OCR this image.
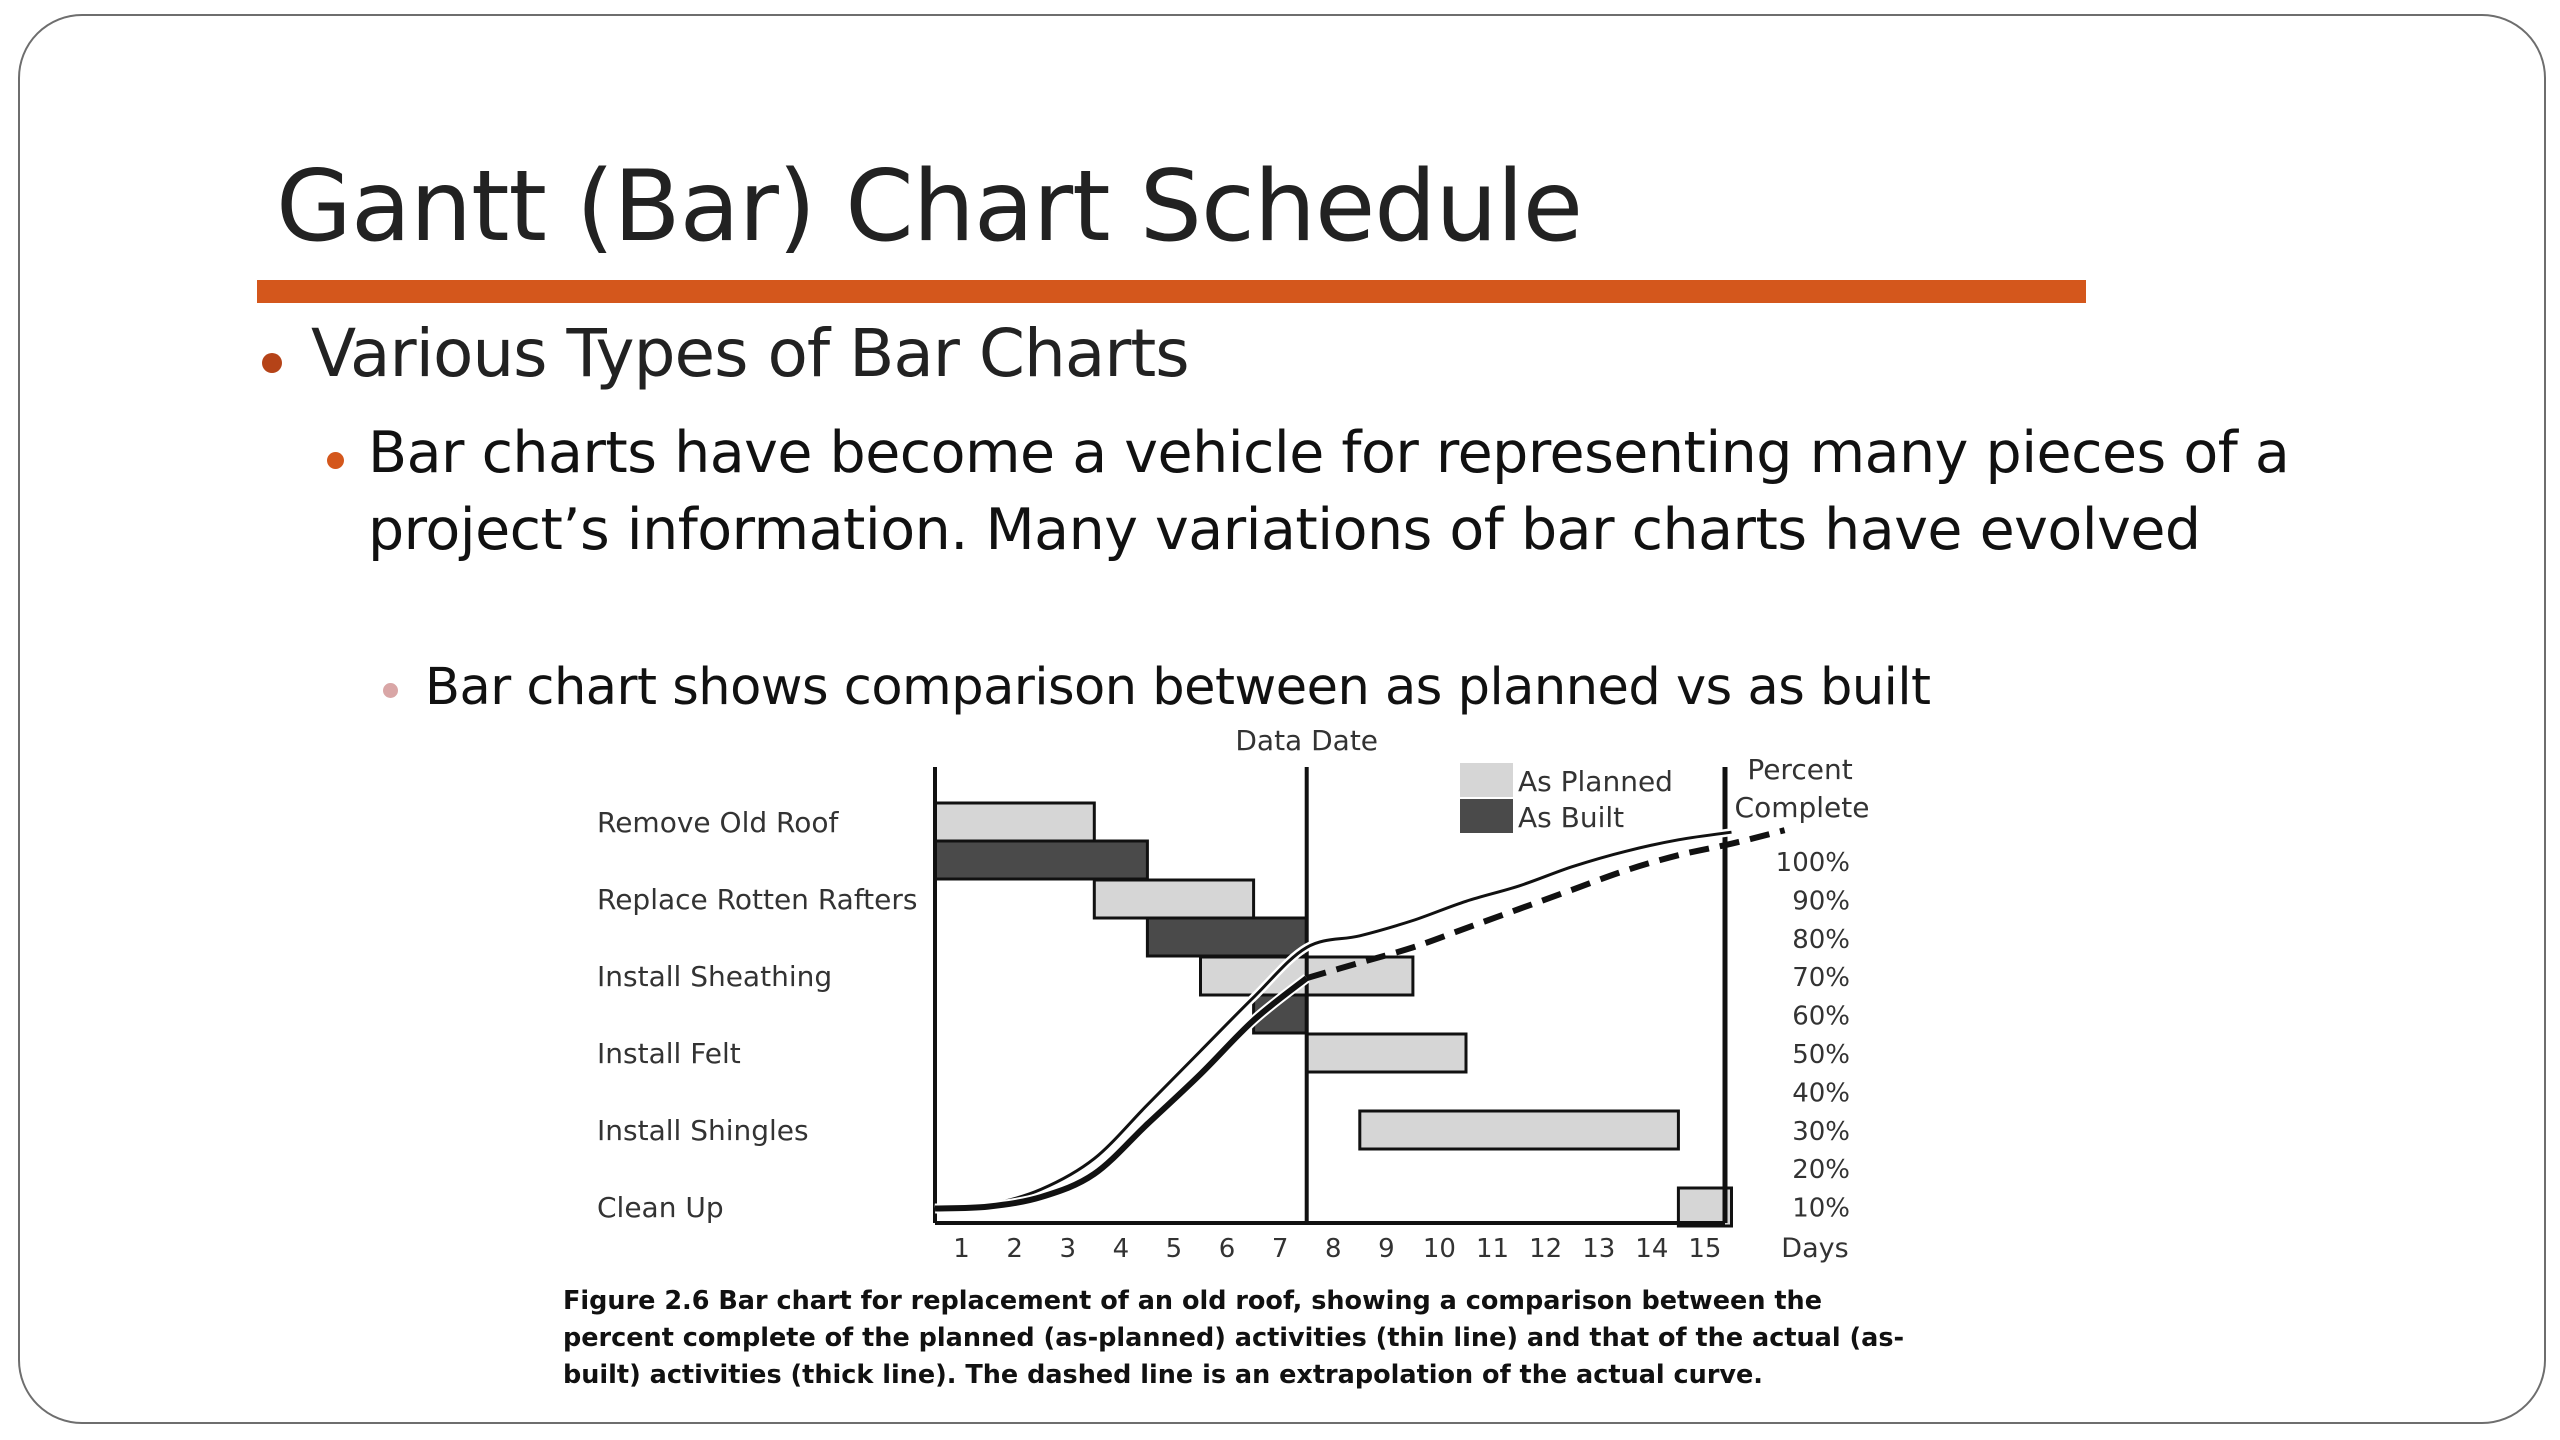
Gantt (Bar) Chart Schedule
Various Types of Bar Charts
Bar charts have become a vehicle for representing many pieces of a project’s information. Many variations of bar charts have evolved
Bar chart shows comparison between as planned vs as built
Remove Old Roof
Replace Rotten Rafters
Install Sheathing
Install Felt
Install Shingles
Clean Up
Data Date
1 2 3 4 5 6 7 8 9 10 11 12 13 14 15 Days
Percent
Complete
100%
90%
80%
70%
60%
50%
40%
30%
20%
10%
As Planned
As Built
Figure 2.6 Bar chart for replacement of an old roof, showing a comparison between the percent complete of the planned (as-planned) activities (thin line) and that of the actual (as-built) activities (thick line). The dashed line is an extrapolation of the actual curve.
